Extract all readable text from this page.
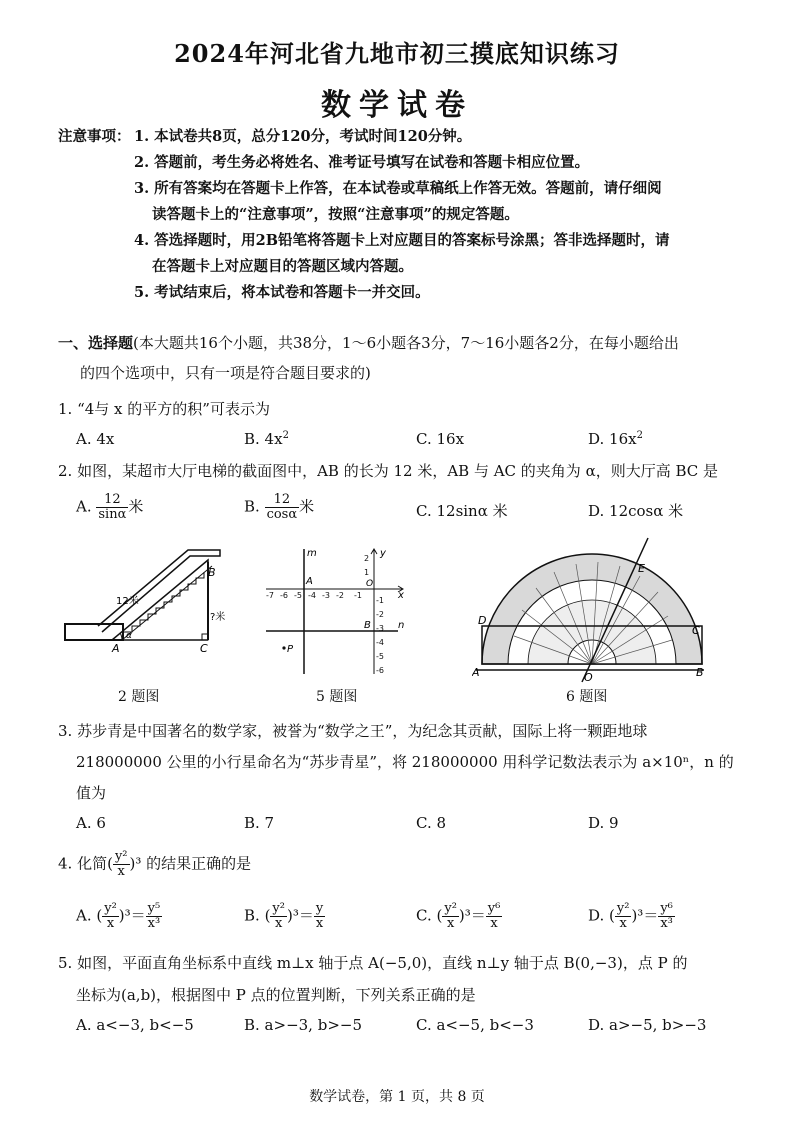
2024年河北省九地市初三摸底知识练习
数学试卷
注意事项： 1. 本试卷共8页，总分120分，考试时间120分钟。
2. 答题前，考生务必将姓名、准考证号填写在试卷和答题卡相应位置。
3. 所有答案均在答题卡上作答，在本试卷或草稿纸上作答无效。答题前，请仔细阅
读答题卡上的“注意事项”，按照“注意事项”的规定答题。
4. 答选择题时，用2B铅笔将答题卡上对应题目的答案标号涂黑；答非选择题时，请
在答题卡上对应题目的答题区域内答题。
5. 考试结束后，将本试卷和答题卡一并交回。
一、选择题(本大题共16个小题，共38分，1～6小题各3分，7～16小题各2分，在每小题给出
的四个选项中，只有一项是符合题目要求的)
1. “4与 x 的平方的积”可表示为
A. 4x	B. $4x^2$	C. 16x	D. $16x^2$
2. 如图，某超市大厅电梯的截面图中，AB 的长为 12 米，AB 与 AC 的夹角为 α，则大厅高 BC 是
A. $\frac{12}{\sin\alpha}$ 米	B. $\frac{12}{\cos\alpha}$ 米	C. 12sinα 米	D. 12cosα 米
12米
?米
A
B
C
α
2 题图
-7 -6 -5 -4 -3 -2 -1
2
1
-1
-2
-3
-4
-5
-6
m	y
x
n
A
B
O
P
5 题图
A	B
C
D
E
O
6 题图
3. 苏步青是中国著名的数学家，被誉为“数学之王”，为纪念其贡献，国际上将一颗距地球
218000000 公里的小行星命名为“苏步青星”，将 218000000 用科学记数法表示为 a×10ⁿ，n 的
值为
A. 6	B. 7	C. 8	D. 9
4. 化简( $\frac{\text{y²}}{x} )^3$ 的结果正确的是
A. ( $\frac{\text{y²}}{x} )^3= \frac{\text{y⁵}}{\text{x³}}$	B. ( $\frac{\text{y²}}{x} )^3= \frac{y}{x}$	C. ( $\frac{\text{y²}}{x} )^3= \frac{\text{y⁶}}{x}$	D. ( $\frac{\text{y²}}{x} )^3= \frac{\text{y⁶}}{\text{x³}}$
5. 如图，平面直角坐标系中直线 m⊥x 轴于点 A(−5,0)，直线 n⊥y 轴于点 B(0,−3)，点 P 的
坐标为(a,b)，根据图中 P 点的位置判断，下列关系正确的是
A. a<−3, b<−5	B. a>−3, b>−5	C. a<−5, b<−3	D. a>−5, b>−3
数学试卷，第 1 页，共 8 页
